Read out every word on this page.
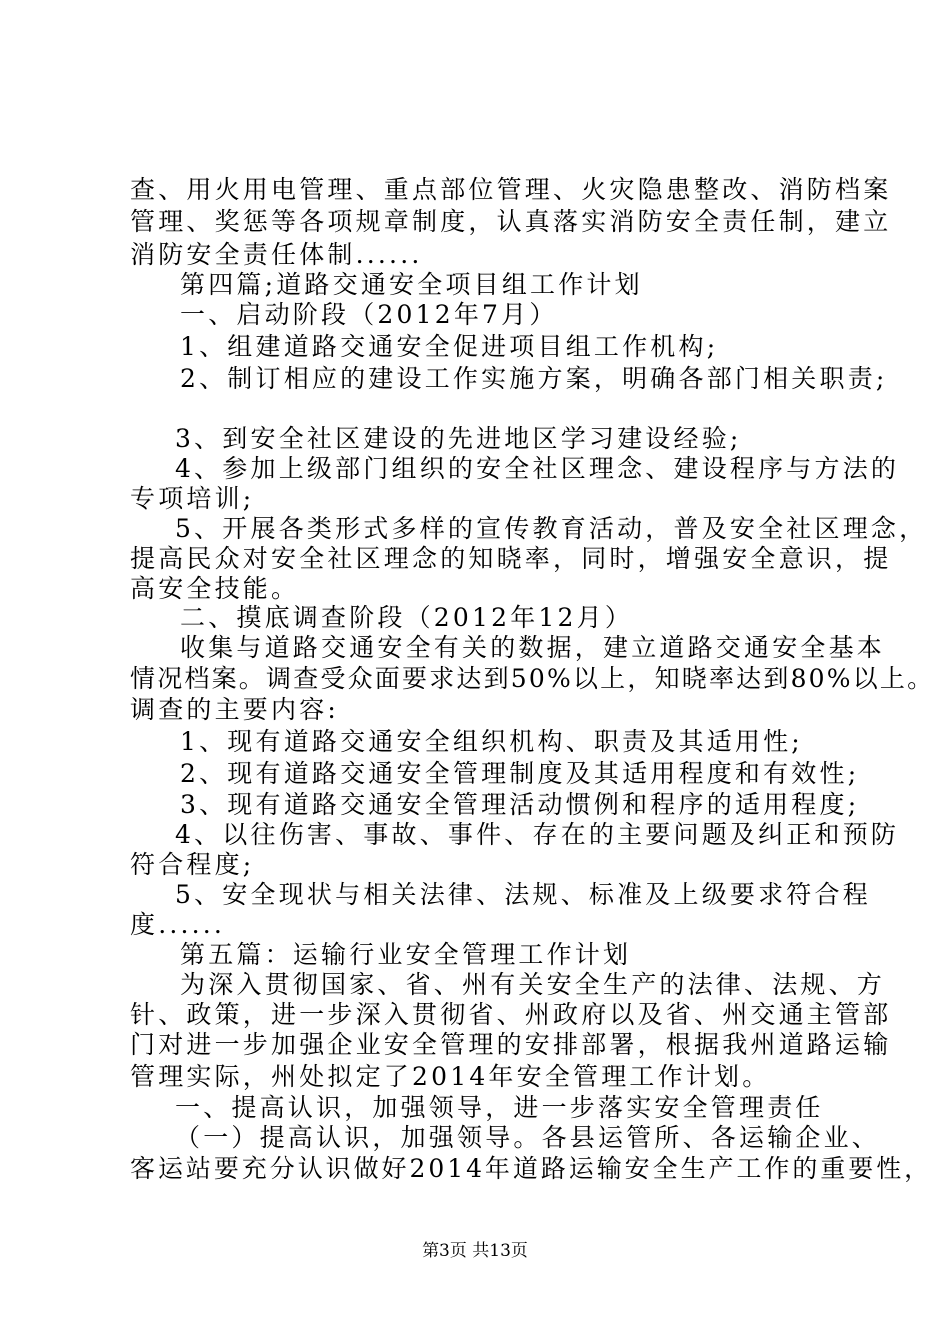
查、用火用电管理、重点部位管理、火灾隐患整改、消防档案
管理、奖惩等各项规章制度，认真落实消防安全责任制，建立
消防安全责任体制......
第四篇;道路交通安全项目组工作计划
一、启动阶段（2012年7月）
1、组建道路交通安全促进项目组工作机构;
2、制订相应的建设工作实施方案，明确各部门相关职责;
3、到安全社区建设的先进地区学习建设经验;
4、参加上级部门组织的安全社区理念、建设程序与方法的
专项培训;
5、开展各类形式多样的宣传教育活动，普及安全社区理念，
提高民众对安全社区理念的知晓率，同时，增强安全意识，提
高安全技能。
二、摸底调查阶段（2012年12月）
收集与道路交通安全有关的数据，建立道路交通安全基本
情况档案。调查受众面要求达到50%以上，知晓率达到80%以上。
调查的主要内容:
1、现有道路交通安全组织机构、职责及其适用性;
2、现有道路交通安全管理制度及其适用程度和有效性;
3、现有道路交通安全管理活动惯例和程序的适用程度;
4、以往伤害、事故、事件、存在的主要问题及纠正和预防
符合程度;
5、安全现状与相关法律、法规、标准及上级要求符合程
度......
第五篇：运输行业安全管理工作计划
为深入贯彻国家、省、州有关安全生产的法律、法规、方
针、政策，进一步深入贯彻省、州政府以及省、州交通主管部
门对进一步加强企业安全管理的安排部署，根据我州道路运输
管理实际，州处拟定了2014年安全管理工作计划。
一、提高认识，加强领导，进一步落实安全管理责任
（一）提高认识，加强领导。各县运管所、各运输企业、
客运站要充分认识做好2014年道路运输安全生产工作的重要性，
第3页 共13页
